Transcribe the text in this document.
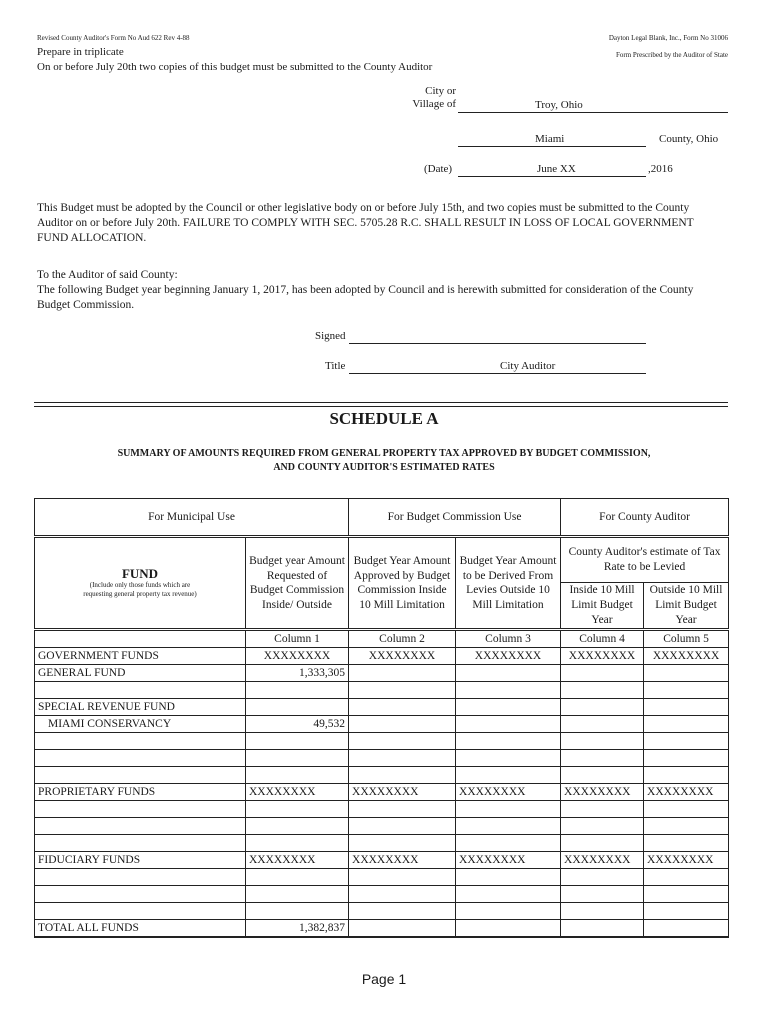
Revised County Auditor's Form No Aud 622 Rev 4-88
Prepare in triplicate
On or before July 20th two copies of this budget must be submitted to the County Auditor
Dayton Legal Blank, Inc., Form No 31006
Form Prescribed by the Auditor of State
City or
Village of	Troy, Ohio
Miami	County, Ohio
(Date)	June XX	,2016
This Budget must be adopted by the Council or other legislative body on or before July 15th, and two copies must be submitted to the County Auditor on or before July 20th. FAILURE TO COMPLY WITH SEC. 5705.28 R.C. SHALL RESULT IN LOSS OF LOCAL GOVERNMENT FUND ALLOCATION.
To the Auditor of said County:
The following Budget year beginning January 1, 2017, has been adopted by Council and is herewith submitted for consideration of the County Budget Commission.
Signed
Title	City Auditor
SCHEDULE A
SUMMARY OF AMOUNTS REQUIRED FROM GENERAL PROPERTY TAX APPROVED BY BUDGET COMMISSION,
AND COUNTY AUDITOR'S ESTIMATED RATES
For Municipal Use		For Budget Commission Use		For County Auditor	

FUND
(Include only those funds which are
requesting general property tax revenue)	Budget year Amount Requested of Budget Commission Inside/ Outside	Budget Year Amount Approved by Budget Commission Inside 10 Mill Limitation	Budget Year Amount to be Derived From Levies Outside 10 Mill Limitation	County Auditor's estimate of Tax Rate to be Levied	
				Inside 10 Mill Limit Budget Year	Outside 10 Mill Limit Budget Year
	Column 1	Column 2	Column 3	Column 4	Column 5
GOVERNMENT FUNDS	XXXXXXXX	XXXXXXXX	XXXXXXXX	XXXXXXXX	XXXXXXXX
GENERAL FUND	1,333,305				

SPECIAL REVENUE FUND					
MIAMI CONSERVANCY	49,532				

PROPRIETARY FUNDS	XXXXXXXX	XXXXXXXX	XXXXXXXX	XXXXXXXX	XXXXXXXX

FIDUCIARY FUNDS	XXXXXXXX	XXXXXXXX	XXXXXXXX	XXXXXXXX	XXXXXXXX

TOTAL ALL FUNDS	1,382,837				
Page 1
